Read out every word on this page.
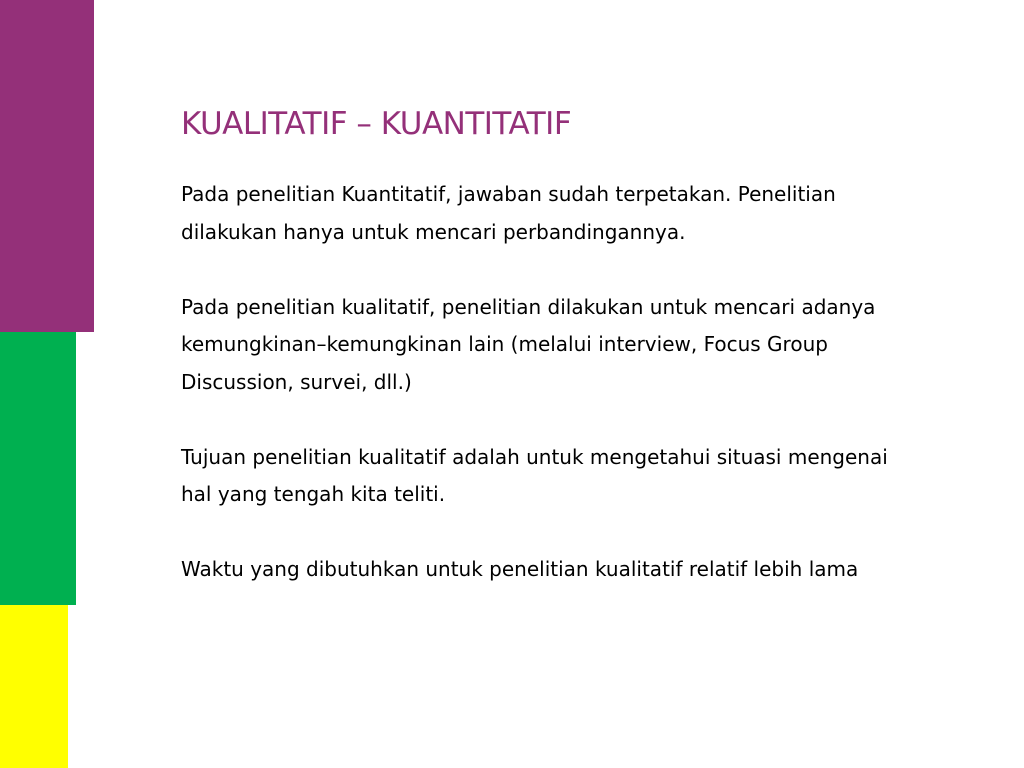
KUALITATIF – KUANTITATIF

Pada penelitian Kuantitatif, jawaban sudah terpetakan. Penelitian dilakukan hanya untuk mencari perbandingannya.

Pada penelitian kualitatif, penelitian dilakukan untuk mencari adanya kemungkinan–kemungkinan lain (melalui interview, Focus Group Discussion, survei, dll.)

Tujuan penelitian kualitatif adalah untuk mengetahui situasi mengenai hal yang tengah kita teliti.

Waktu yang dibutuhkan untuk penelitian kualitatif relatif lebih lama
